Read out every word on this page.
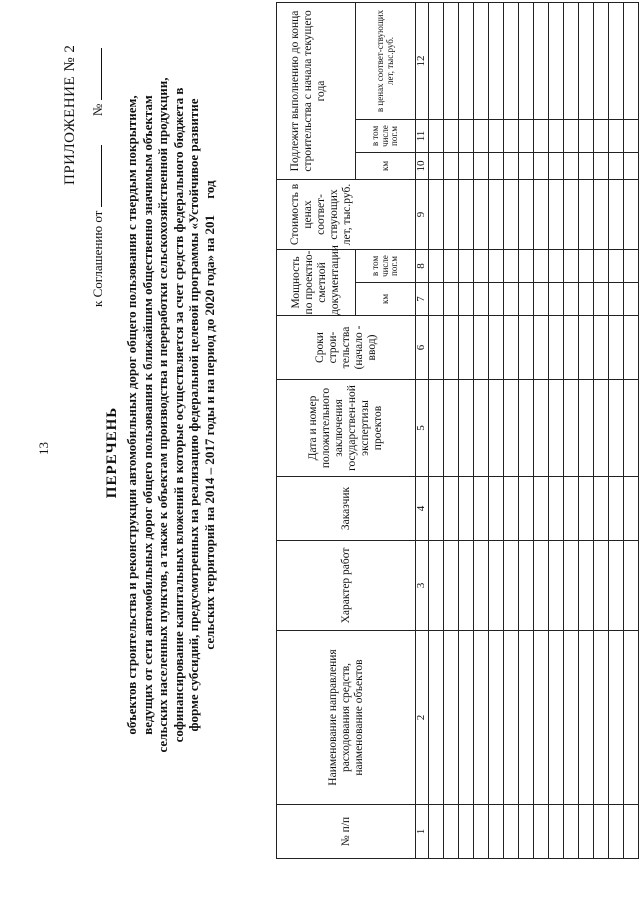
13
ПРИЛОЖЕНИЕ № 2
к Соглашению от  №
ПЕРЕЧЕНЬ объектов строительства и реконструкции автомобильных дорог общего пользования с твердым покрытием, ведущих от сети автомобильных дорог общего пользования к ближайшим общественно значимым объектам сельских населенных пунктов, а также к объектам производства и переработки сельскохозяйственной продукции, софинансирование капитальных вложений в которые осуществляется за счет средств федерального бюджета в форме субсидий, предусмотренных на реализацию федеральной целевой программы «Устойчивое развитие сельских территорий на 2014 – 2017 годы и на период до 2020 года» на 201     год
№ п/п	Наименование направления расходования средств, наименование объектов	Характер работ	Заказчик	Дата и номер положительного заключения государствен-ной экспертизы проектов	Сроки строи-тельства (начало - ввод)	Мощность по проектно-сметной документации		Стоимость в ценах соответ-ствующих лет, тыс.руб.	Подлежит выполнению до конца строительства с начала текущего года		
						км	в том числе пог.м		км	в том числе пог.м	в ценах соответ-ствующих лет, тыс.руб.
1	2	3	4	5	6	7	8	9	10	11	12
